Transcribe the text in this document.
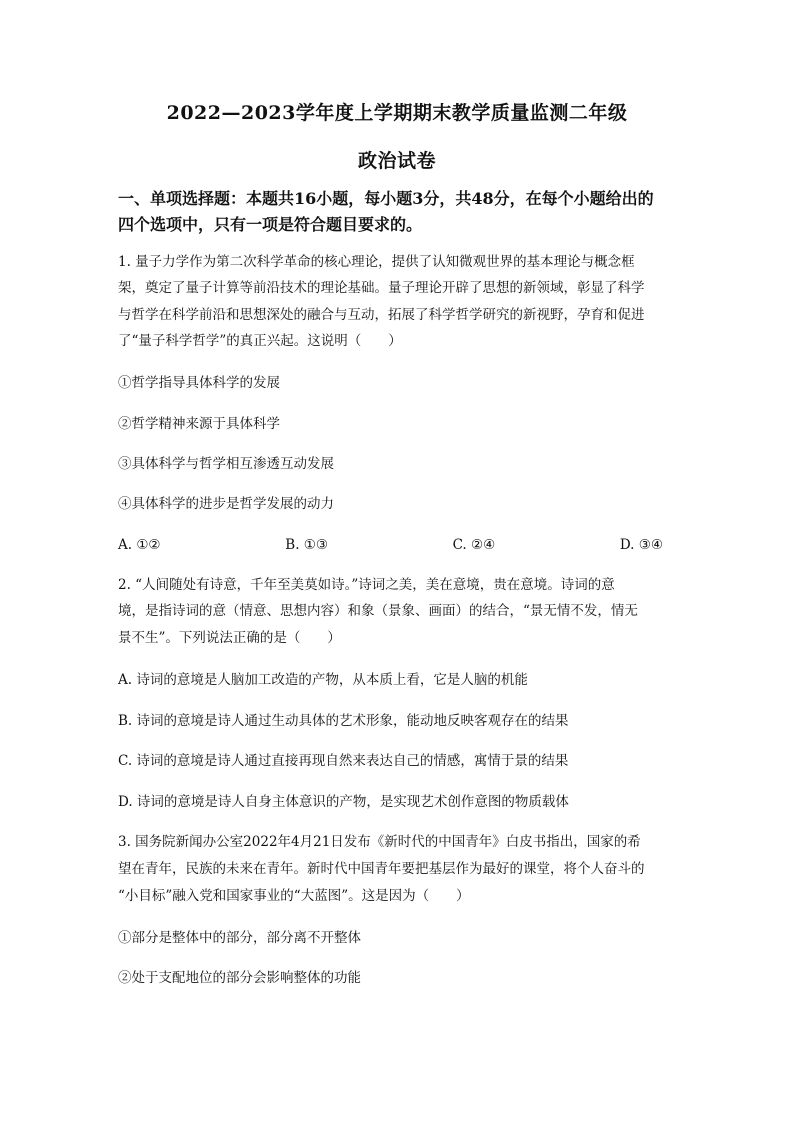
2022—2023学年度上学期期末教学质量监测二年级
政治试卷
一、单项选择题：本题共16小题，每小题3分，共48分，在每个小题给出的
四个选项中，只有一项是符合题目要求的。
1. 量子力学作为第二次科学革命的核心理论，提供了认知微观世界的基本理论与概念框
架，奠定了量子计算等前沿技术的理论基础。量子理论开辟了思想的新领域，彰显了科学
与哲学在科学前沿和思想深处的融合与互动，拓展了科学哲学研究的新视野，孕育和促进
了“量子科学哲学”的真正兴起。这说明（　　）
①哲学指导具体科学的发展
②哲学精神来源于具体科学
③具体科学与哲学相互渗透互动发展
④具体科学的进步是哲学发展的动力
A. ①②	B. ①③	C. ②④	D. ③④
2. “人间随处有诗意，千年至美莫如诗。”诗词之美，美在意境，贵在意境。诗词的意
境，是指诗词的意（情意、思想内容）和象（景象、画面）的结合，“景无情不发，情无
景不生”。下列说法正确的是（　　）
A. 诗词的意境是人脑加工改造的产物，从本质上看，它是人脑的机能
B. 诗词的意境是诗人通过生动具体的艺术形象，能动地反映客观存在的结果
C. 诗词的意境是诗人通过直接再现自然来表达自己的情感，寓情于景的结果
D. 诗词的意境是诗人自身主体意识的产物，是实现艺术创作意图的物质载体
3. 国务院新闻办公室2022年4月21日发布《新时代的中国青年》白皮书指出，国家的希
望在青年，民族的未来在青年。新时代中国青年要把基层作为最好的课堂，将个人奋斗的
“小目标”融入党和国家事业的“大蓝图”。这是因为（　　）
①部分是整体中的部分，部分离不开整体
②处于支配地位的部分会影响整体的功能
